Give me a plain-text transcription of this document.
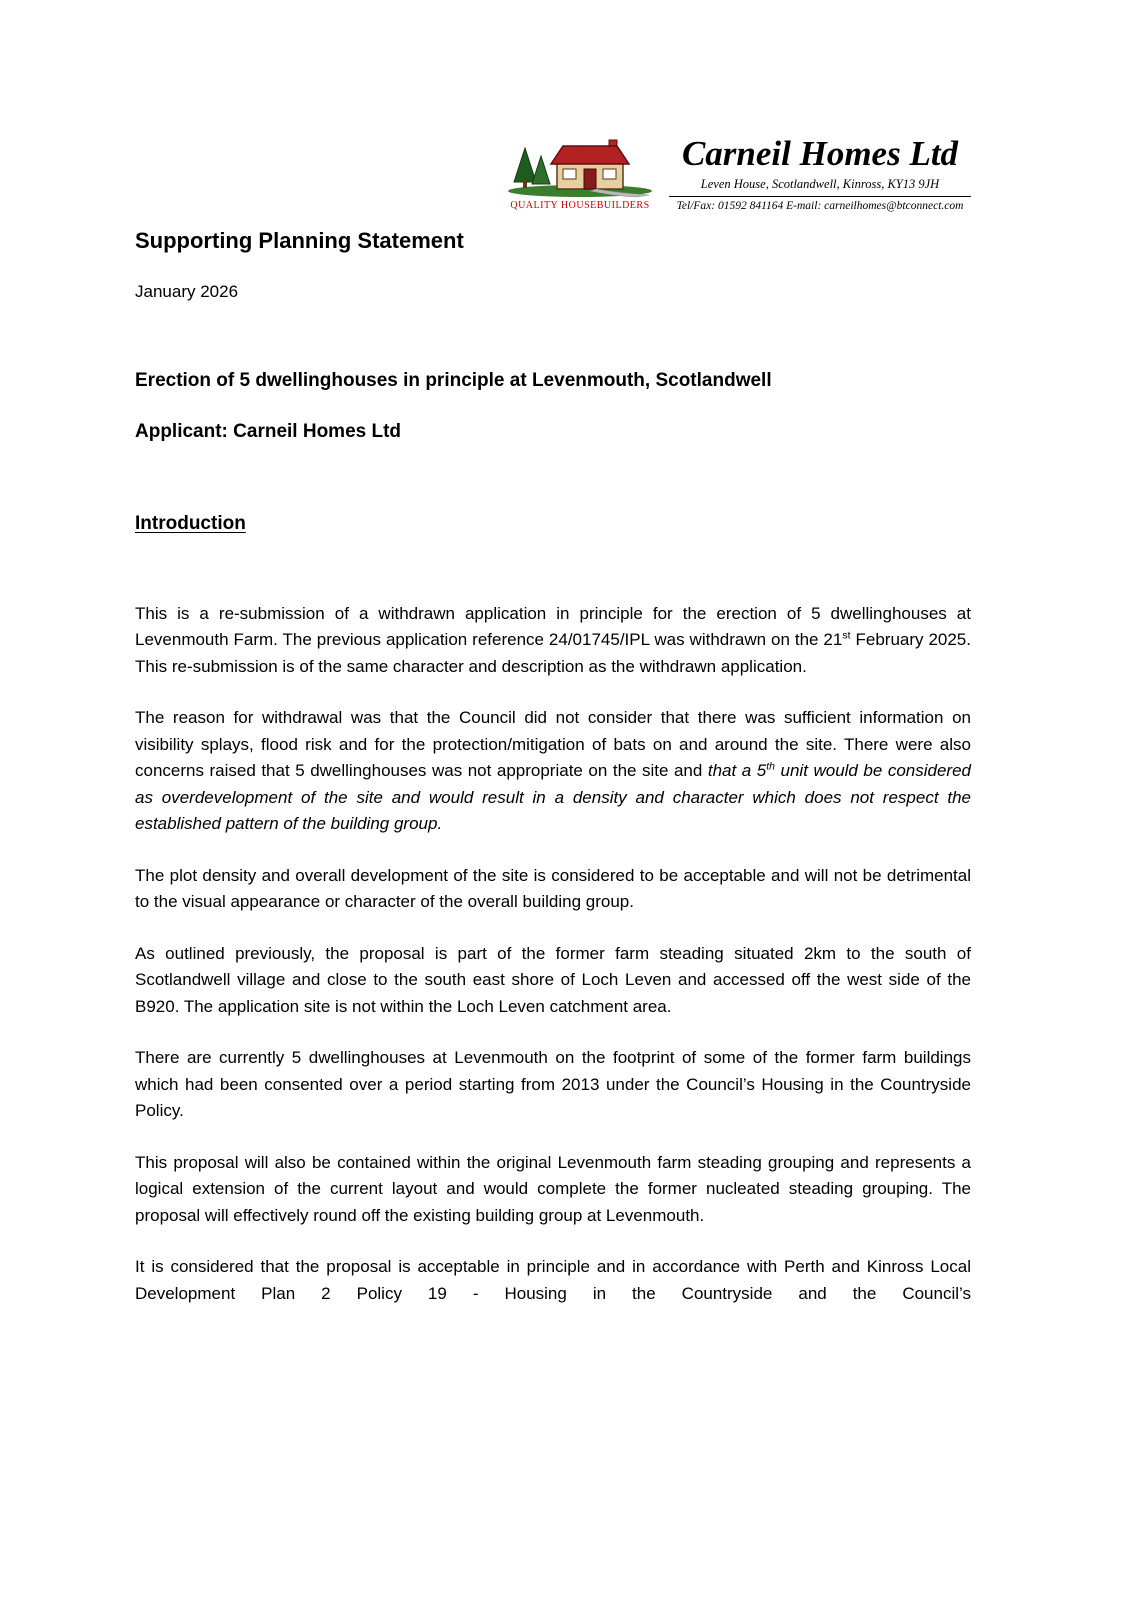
QUALITY HOUSEBUILDERS
Carneil Homes Ltd
Leven House, Scotlandwell, Kinross, KY13 9JH
Tel/Fax: 01592 841164 E-mail: carneilhomes@btconnect.com
Supporting Planning Statement

January 2026

Erection of 5 dwellinghouses in principle at Levenmouth, Scotlandwell
Applicant: Carneil Homes Ltd
Introduction

This is a re-submission of a withdrawn application in principle for the erection of 5 dwellinghouses at Levenmouth Farm. The previous application reference 24/01745/IPL was withdrawn on the 21st February 2025. This re-submission is of the same character and description as the withdrawn application.

The reason for withdrawal was that the Council did not consider that there was sufficient information on visibility splays, flood risk and for the protection/mitigation of bats on and around the site. There were also concerns raised that 5 dwellinghouses was not appropriate on the site and that a 5th unit would be considered as overdevelopment of the site and would result in a density and character which does not respect the established pattern of the building group.

The plot density and overall development of the site is considered to be acceptable and will not be detrimental to the visual appearance or character of the overall building group.

As outlined previously, the proposal is part of the former farm steading situated 2km to the south of Scotlandwell village and close to the south east shore of Loch Leven and accessed off the west side of the B920. The application site is not within the Loch Leven catchment area.

There are currently 5 dwellinghouses at Levenmouth on the footprint of some of the former farm buildings which had been consented over a period starting from 2013 under the Council’s Housing in the Countryside Policy.

This proposal will also be contained within the original Levenmouth farm steading grouping and represents a logical extension of the current layout and would complete the former nucleated steading grouping. The proposal will effectively round off the existing building group at Levenmouth.

It is considered that the proposal is acceptable in principle and in accordance with Perth and Kinross Local Development Plan 2 Policy 19 - Housing in the Countryside and the Council’s
